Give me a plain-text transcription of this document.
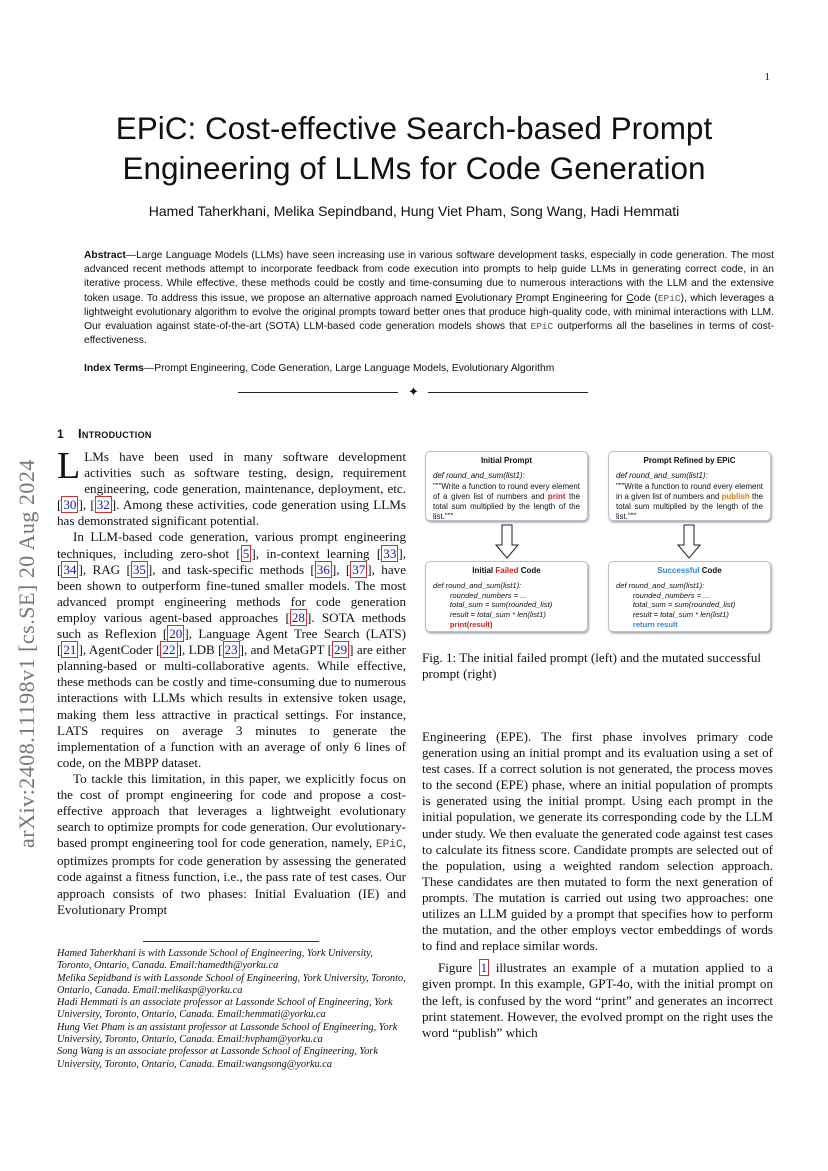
1
arXiv:2408.11198v1 [cs.SE] 20 Aug 2024
EPiC: Cost-effective Search-based Prompt
Engineering of LLMs for Code Generation
Hamed Taherkhani, Melika Sepindband, Hung Viet Pham, Song Wang, Hadi Hemmati
Abstract—Large Language Models (LLMs) have seen increasing use in various software development tasks, especially in code generation. The most advanced recent methods attempt to incorporate feedback from code execution into prompts to help guide LLMs in generating correct code, in an iterative process. While effective, these methods could be costly and time-consuming due to numerous interactions with the LLM and the extensive token usage. To address this issue, we propose an alternative approach named Evolutionary Prompt Engineering for Code (EPiC), which leverages a lightweight evolutionary algorithm to evolve the original prompts toward better ones that produce high-quality code, with minimal interactions with LLM. Our evaluation against state-of-the-art (SOTA) LLM-based code generation models shows that EPiC outperforms all the baselines in terms of cost-effectiveness.
Index Terms—Prompt Engineering, Code Generation, Large Language Models, Evolutionary Algorithm
✦
1 Introduction

L LMs have been used in many software development activities such as software testing, design, requirement engineering, code generation, maintenance, deployment, etc. [ 30 ], [ 32 ]. Among these activities, code generation using LLMs has demonstrated significant potential.

In LLM-based code generation, various prompt engineering techniques, including zero-shot [ 5 ], in-context learning [ 33 ], [ 34 ], RAG [ 35 ], and task-specific methods [ 36 ], [ 37 ], have been shown to outperform fine-tuned smaller models. The most advanced prompt engineering methods for code generation employ various agent-based approaches [ 28 ]. SOTA methods such as Reflexion [ 20 ], Language Agent Tree Search (LATS) [ 21 ], AgentCoder [ 22 ], LDB [ 23 ], and MetaGPT [ 29 ] are either planning-based or multi-collaborative agents. While effective, these methods can be costly and time-consuming due to numerous interactions with LLMs which results in extensive token usage, making them less attractive in practical settings. For instance, LATS requires on average 3 minutes to generate the implementation of a function with an average of only 6 lines of code, on the MBPP dataset.

To tackle this limitation, in this paper, we explicitly focus on the cost of prompt engineering for code and propose a cost-effective approach that leverages a lightweight evolutionary search to optimize prompts for code generation. Our evolutionary-based prompt engineering tool for code generation, namely, EPiC, optimizes prompts for code generation by assessing the generated code against a fitness function, i.e., the pass rate of test cases. Our approach consists of two phases: Initial Evaluation (IE) and Evolutionary Prompt

Hamed Taherkhani is with Lassonde School of Engineering, York University, Toronto, Ontario, Canada. Email:hamedth@yorku.ca

Melika Sepidband is with Lassonde School of Engineering, York University, Toronto, Ontario, Canada. Email:melikasp@yorku.ca

Hadi Hemmati is an associate professor at Lassonde School of Engineering, York University, Toronto, Ontario, Canada. Email:hemmati@yorku.ca

Hung Viet Pham is an assistant professor at Lassonde School of Engineering, York University, Toronto, Ontario, Canada. Email:hvpham@yorku.ca

Song Wang is an associate professor at Lassonde School of Engineering, York University, Toronto, Ontario, Canada. Email:wangsong@yorku.ca

Initial Prompt
def round_and_sum(list1):
"""Write a function to round every element of a given list of numbers and print the total sum multiplied by the length of the list."""
Prompt Refined by EPiC
def round_and_sum(list1):
"""Write a function to round every element in a given list of numbers and publish the total sum multiplied by the length of the list."""
Initial Failed Code
def round_and_sum(list1):
rounded_numbers = ...
total_sum = sum(rounded_list)
result = total_sum * len(list1)
print(result)
Successful Code
def round_and_sum(list1):
rounded_numbers = ...
total_sum = sum(rounded_list)
result = total_sum * len(list1)
return result
Fig. 1: The initial failed prompt (left) and the mutated successful prompt (right)

Engineering (EPE). The first phase involves primary code generation using an initial prompt and its evaluation using a set of test cases. If a correct solution is not generated, the process moves to the second (EPE) phase, where an initial population of prompts is generated using the initial prompt. Using each prompt in the initial population, we generate its corresponding code by the LLM under study. We then evaluate the generated code against test cases to calculate its fitness score. Candidate prompts are selected out of the population, using a weighted random selection approach. These candidates are then mutated to form the next generation of prompts. The mutation is carried out using two approaches: one utilizes an LLM guided by a prompt that specifies how to perform the mutation, and the other employs vector embeddings of words to find and replace similar words.

Figure 1 illustrates an example of a mutation applied to a given prompt. In this example, GPT-4o, with the initial prompt on the left, is confused by the word “print” and generates an incorrect print statement. However, the evolved prompt on the right uses the word “publish” which
